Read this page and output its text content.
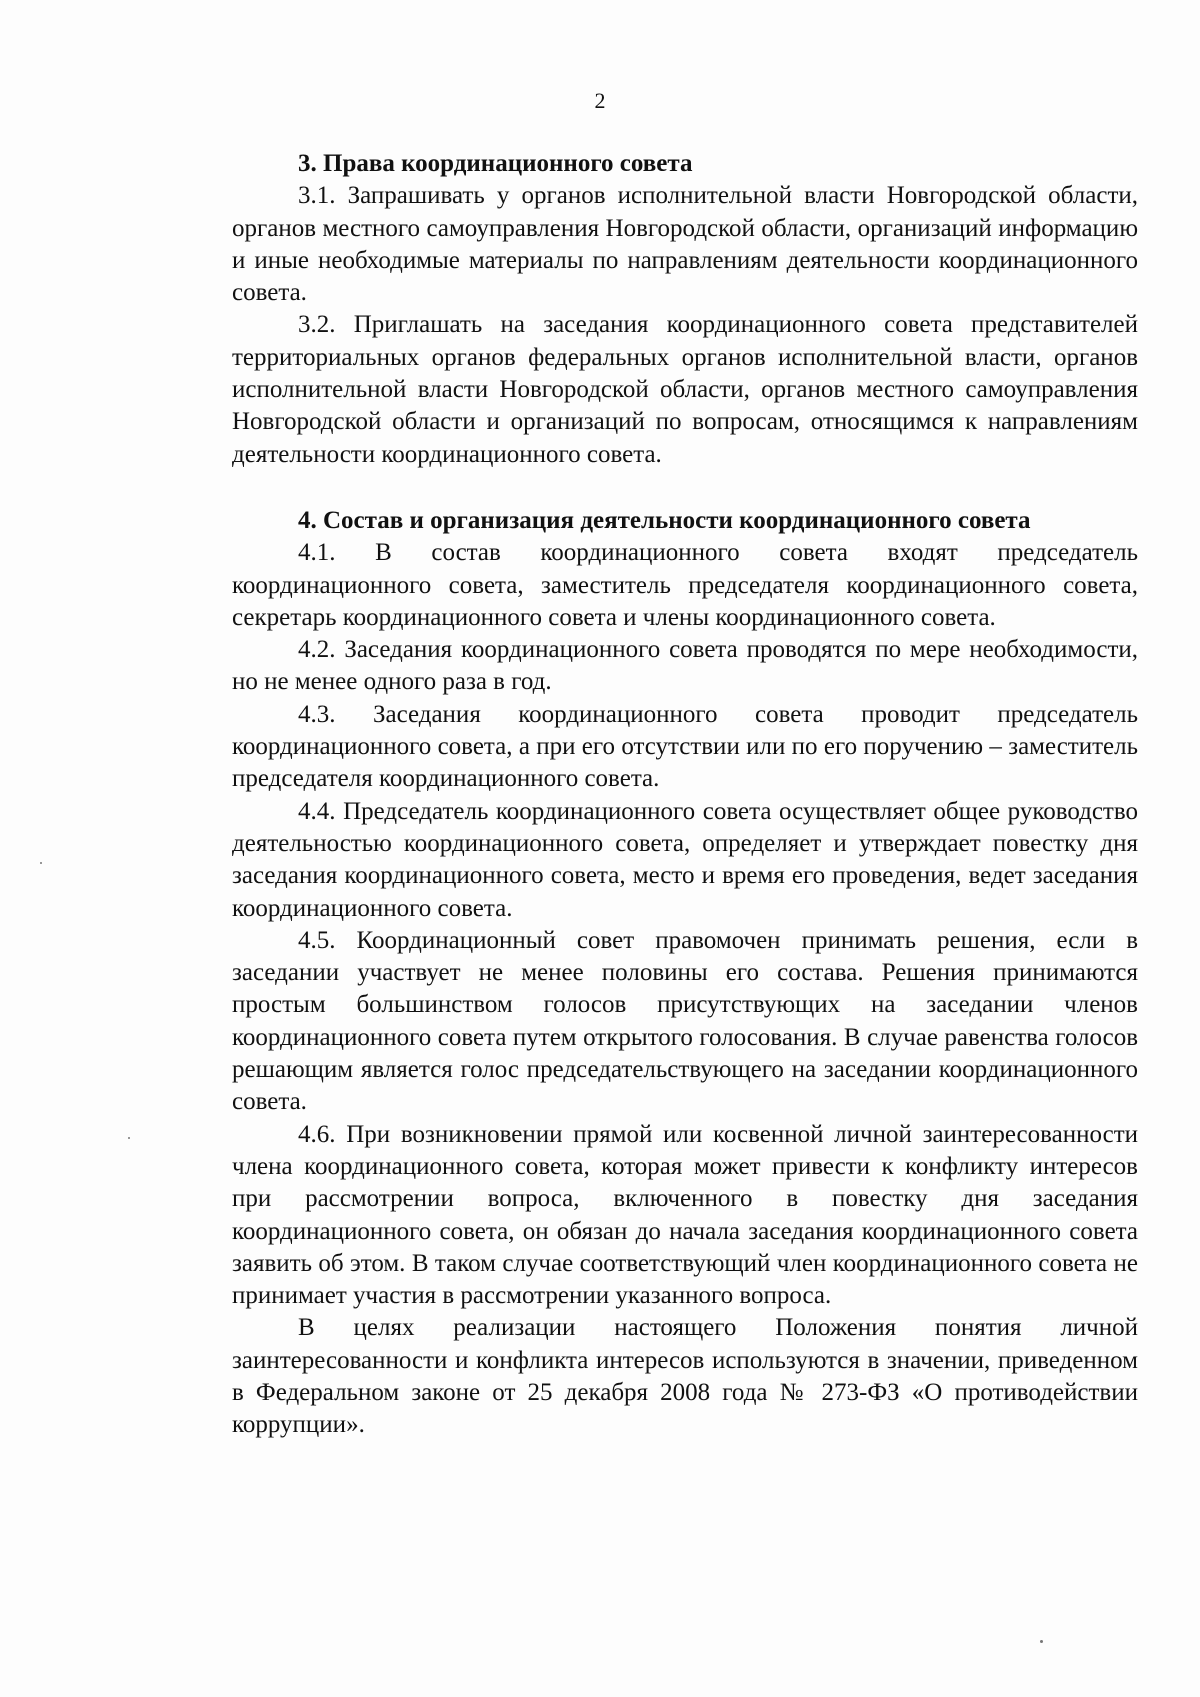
2

3. Права координационного совета

3.1. Запрашивать у органов исполнительной власти Новгородской области, органов местного самоуправления Новгородской области, организаций информацию и иные необходимые материалы по направлениям деятельности координационного совета.

3.2. Приглашать на заседания координационного совета представителей территориальных органов федеральных органов исполнительной власти, органов исполнительной власти Новгородской области, органов местного самоуправления Новгородской области и организаций по вопросам, относящимся к направлениям деятельности координационного совета.

4. Состав и организация деятельности координационного совета

4.1. В состав координационного совета входят председатель координационного совета, заместитель председателя координационного совета, секретарь координационного совета и члены координационного совета.

4.2. Заседания координационного совета проводятся по мере необходимости, но не менее одного раза в год.

4.3. Заседания координационного совета проводит председатель координационного совета, а при его отсутствии или по его поручению – заместитель председателя координационного совета.

4.4. Председатель координационного совета осуществляет общее руководство деятельностью координационного совета, определяет и утверждает повестку дня заседания координационного совета, место и время его проведения, ведет заседания координационного совета.

4.5. Координационный совет правомочен принимать решения, если в заседании участвует не менее половины его состава. Решения принимаются простым большинством голосов присутствующих на заседании членов координационного совета путем открытого голосования. В случае равенства голосов решающим является голос председательствующего на заседании координационного совета.

4.6. При возникновении прямой или косвенной личной заинтересованности члена координационного совета, которая может привести к конфликту интересов при рассмотрении вопроса, включенного в повестку дня заседания координационного совета, он обязан до начала заседания координационного совета заявить об этом. В таком случае соответствующий член координационного совета не принимает участия в рассмотрении указанного вопроса.

В целях реализации настоящего Положения понятия личной заинтересованности и конфликта интересов используются в значении, приведенном в Федеральном законе от 25 декабря 2008 года № 273-ФЗ «О противодействии коррупции».
